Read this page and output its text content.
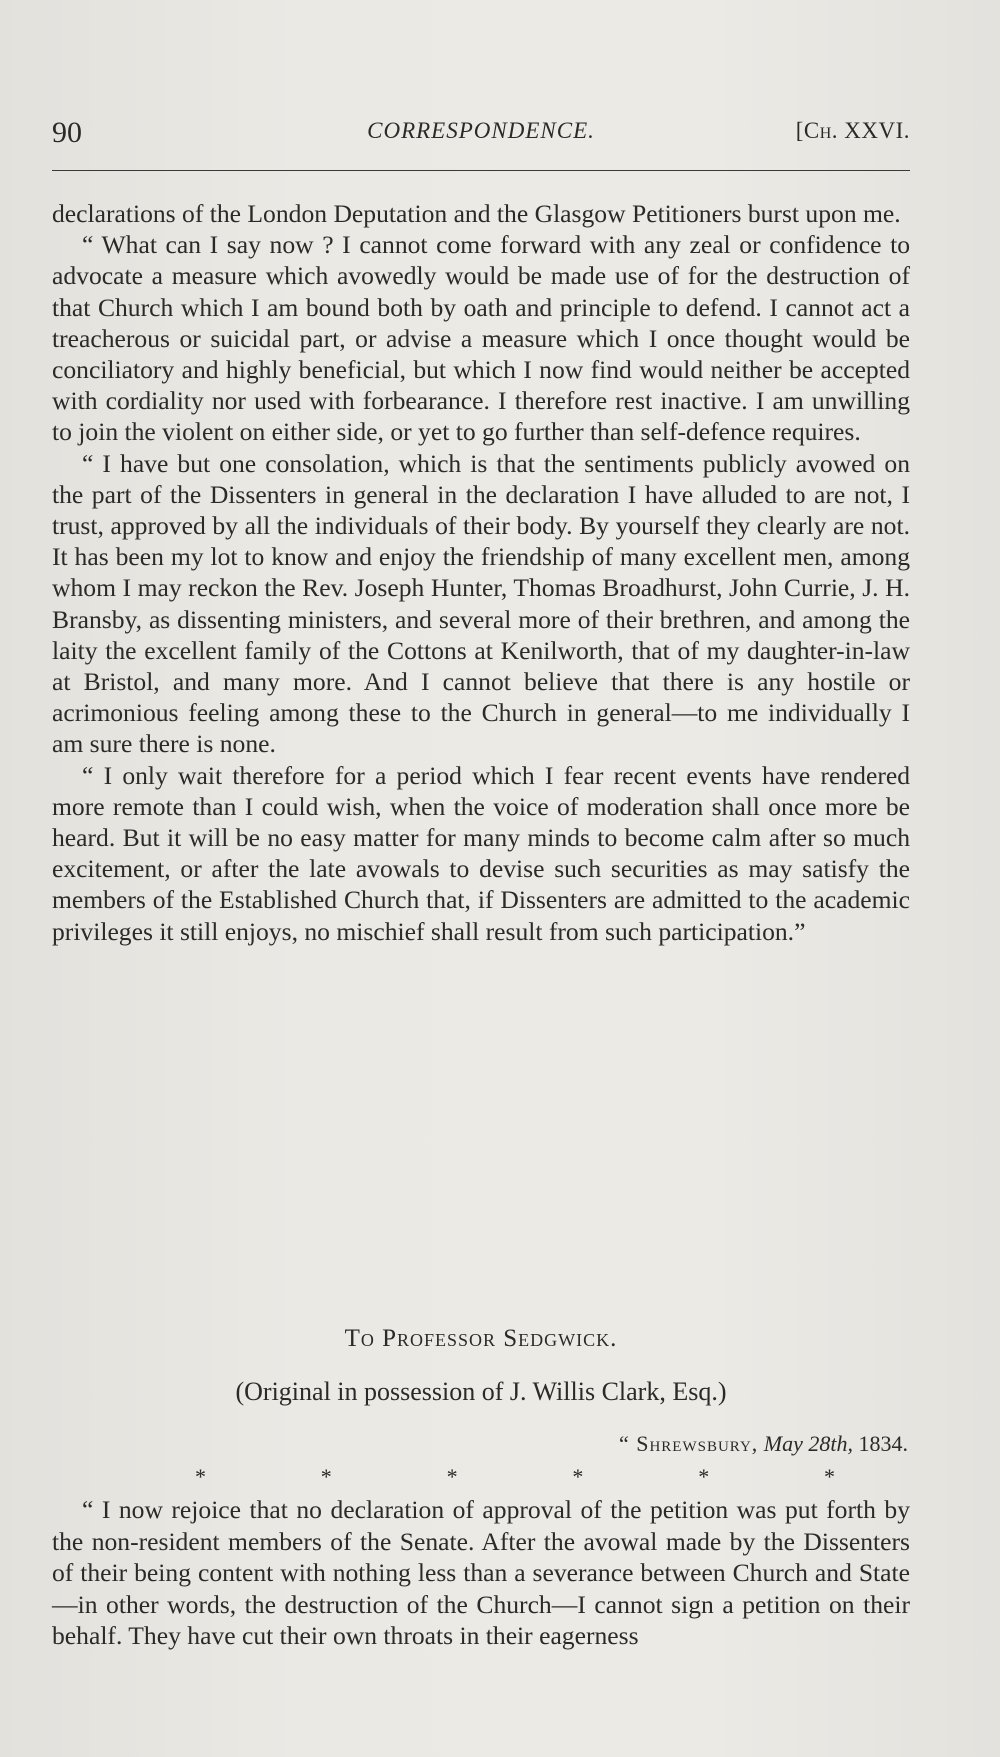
90	CORRESPONDENCE.	[Ch. XXVI.

declarations of the London Deputation and the Glasgow Petitioners burst upon me.

“ What can I say now ? I cannot come forward with any zeal or confidence to advocate a measure which avowedly would be made use of for the destruction of that Church which I am bound both by oath and principle to defend. I cannot act a treacherous or suicidal part, or advise a measure which I once thought would be conciliatory and highly beneficial, but which I now find would neither be accepted with cordiality nor used with forbearance. I therefore rest inactive. I am unwilling to join the violent on either side, or yet to go further than self-defence requires.

“ I have but one consolation, which is that the sentiments publicly avowed on the part of the Dissenters in general in the declaration I have alluded to are not, I trust, approved by all the individuals of their body. By yourself they clearly are not. It has been my lot to know and enjoy the friendship of many excellent men, among whom I may reckon the Rev. Joseph Hunter, Thomas Broadhurst, John Currie, J. H. Bransby, as dissenting ministers, and several more of their brethren, and among the laity the excellent family of the Cottons at Kenilworth, that of my daughter-in-law at Bristol, and many more. And I cannot believe that there is any hostile or acrimonious feeling among these to the Church in general—to me individually I am sure there is none.

“ I only wait therefore for a period which I fear recent events have rendered more remote than I could wish, when the voice of moderation shall once more be heard. But it will be no easy matter for many minds to become calm after so much excitement, or after the late avowals to devise such securities as may satisfy the members of the Established Church that, if Dissenters are admitted to the academic privileges it still enjoys, no mischief shall result from such participation.”

To Professor Sedgwick.
(Original in possession of J. Willis Clark, Esq.)
“ Shrewsbury, May 28th, 1834.
*	*	*	*	*	*

“ I now rejoice that no declaration of approval of the petition was put forth by the non-resident members of the Senate. After the avowal made by the Dissenters of their being content with nothing less than a severance between Church and State—in other words, the destruction of the Church—I cannot sign a petition on their behalf. They have cut their own throats in their eagerness
